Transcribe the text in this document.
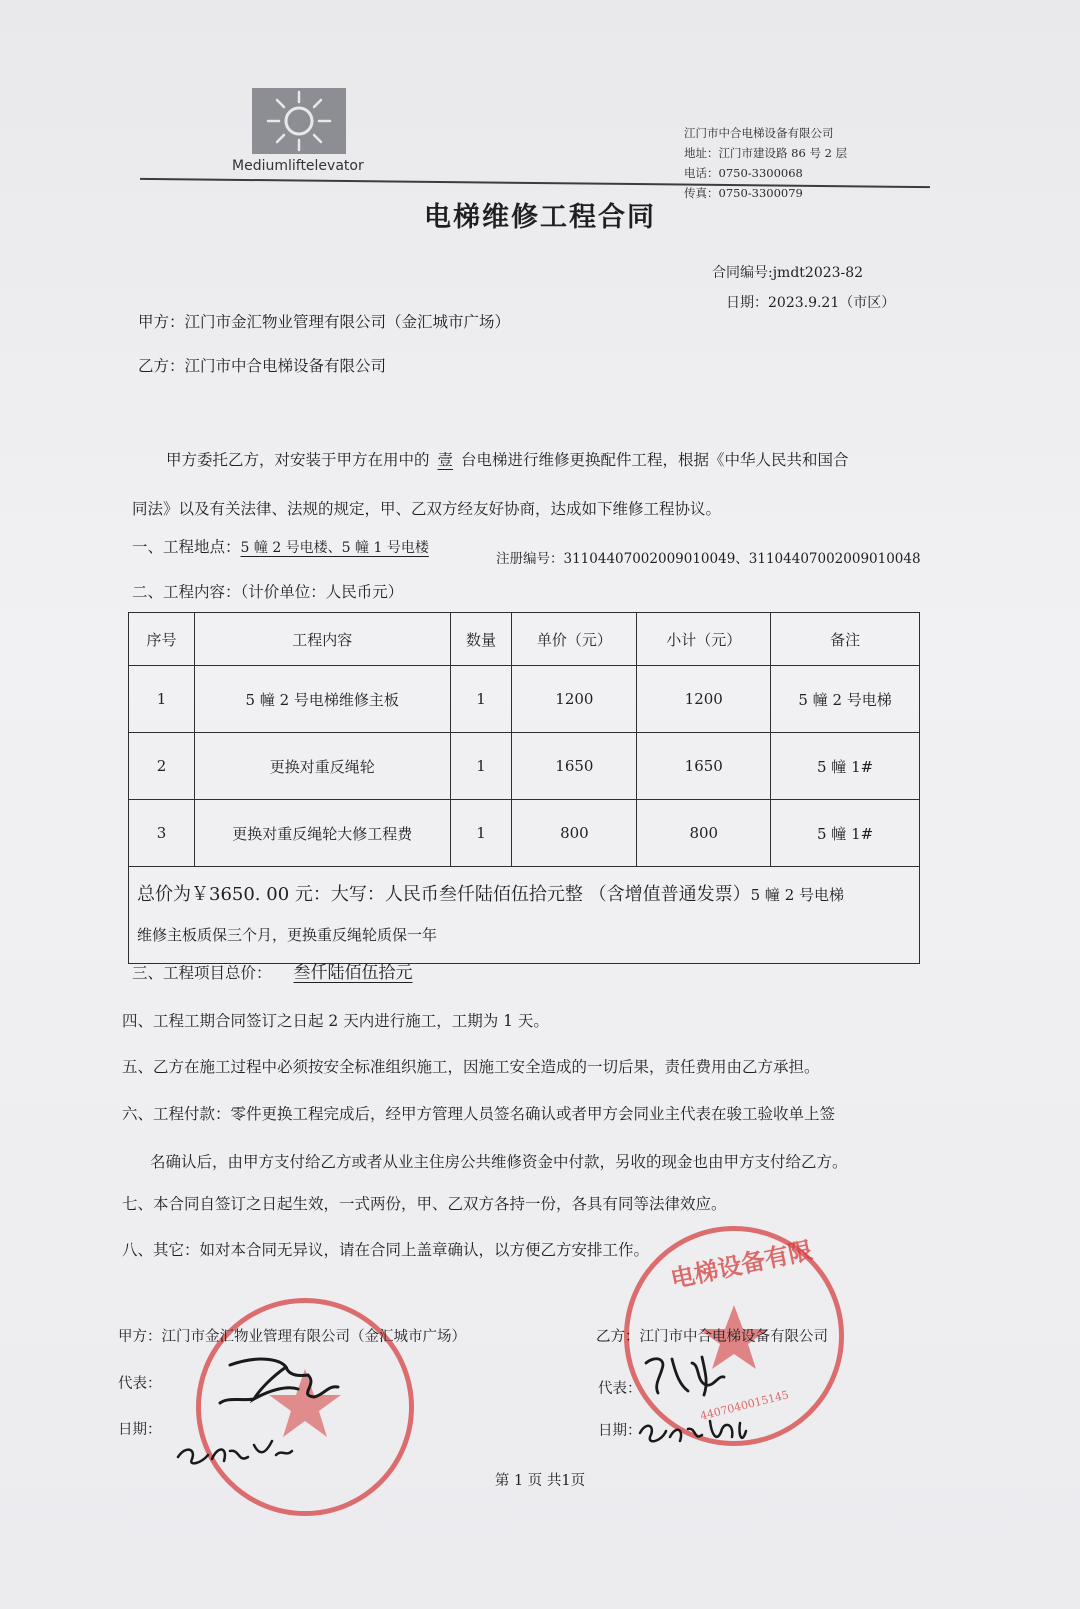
Mediumliftelevator
江门市中合电梯设备有限公司
地址：江门市建设路 86 号 2 层
电话：0750-3300068
传真：0750-3300079
电梯维修工程合同
合同编号:jmdt2023-82
日期：2023.9.21（市区）
甲方：江门市金汇物业管理有限公司（金汇城市广场）
乙方：江门市中合电梯设备有限公司
甲方委托乙方，对安装于甲方在用中的 壹 台电梯进行维修更换配件工程，根据《中华人民共和国合
同法》以及有关法律、法规的规定，甲、乙双方经友好协商，达成如下维修工程协议。
一、工程地点：5 幢 2 号电楼、5 幢 1 号电楼
注册编号：31104407002009010049、31104407002009010048
二、工程内容：（计价单位：人民币元）
序号	工程内容	数量	单价（元）	小计（元）	备注
1	5 幢 2 号电梯维修主板	1	1200	1200	5 幢 2 号电梯
2	更换对重反绳轮	1	1650	1650	5 幢 1#
3	更换对重反绳轮大修工程费	1	800	800	5 幢 1#
总价为￥3650. 00 元：大写：人民币叁仟陆佰伍拾元整 （含增值普通发票）5 幢 2 号电梯
维修主板质保三个月，更换重反绳轮质保一年					
三、工程项目总价： 叁仟陆佰伍拾元
四、工程工期合同签订之日起 2 天内进行施工，工期为 1 天。
五、乙方在施工过程中必须按安全标准组织施工，因施工安全造成的一切后果，责任费用由乙方承担。
六、工程付款：零件更换工程完成后，经甲方管理人员签名确认或者甲方会同业主代表在骏工验收单上签
名确认后，由甲方支付给乙方或者从业主住房公共维修资金中付款，另收的现金也由甲方支付给乙方。
七、本合同自签订之日起生效，一式两份，甲、乙双方各持一份，各具有同等法律效应。
八、其它：如对本合同无异议，请在合同上盖章确认，以方便乙方安排工作。 电梯设备有限
4407040015145
甲方：江门市金汇物业管理有限公司（金汇城市广场）
代表：
日期：
乙方：江门市中合电梯设备有限公司
代表：
日期：
第 1 页 共1页
